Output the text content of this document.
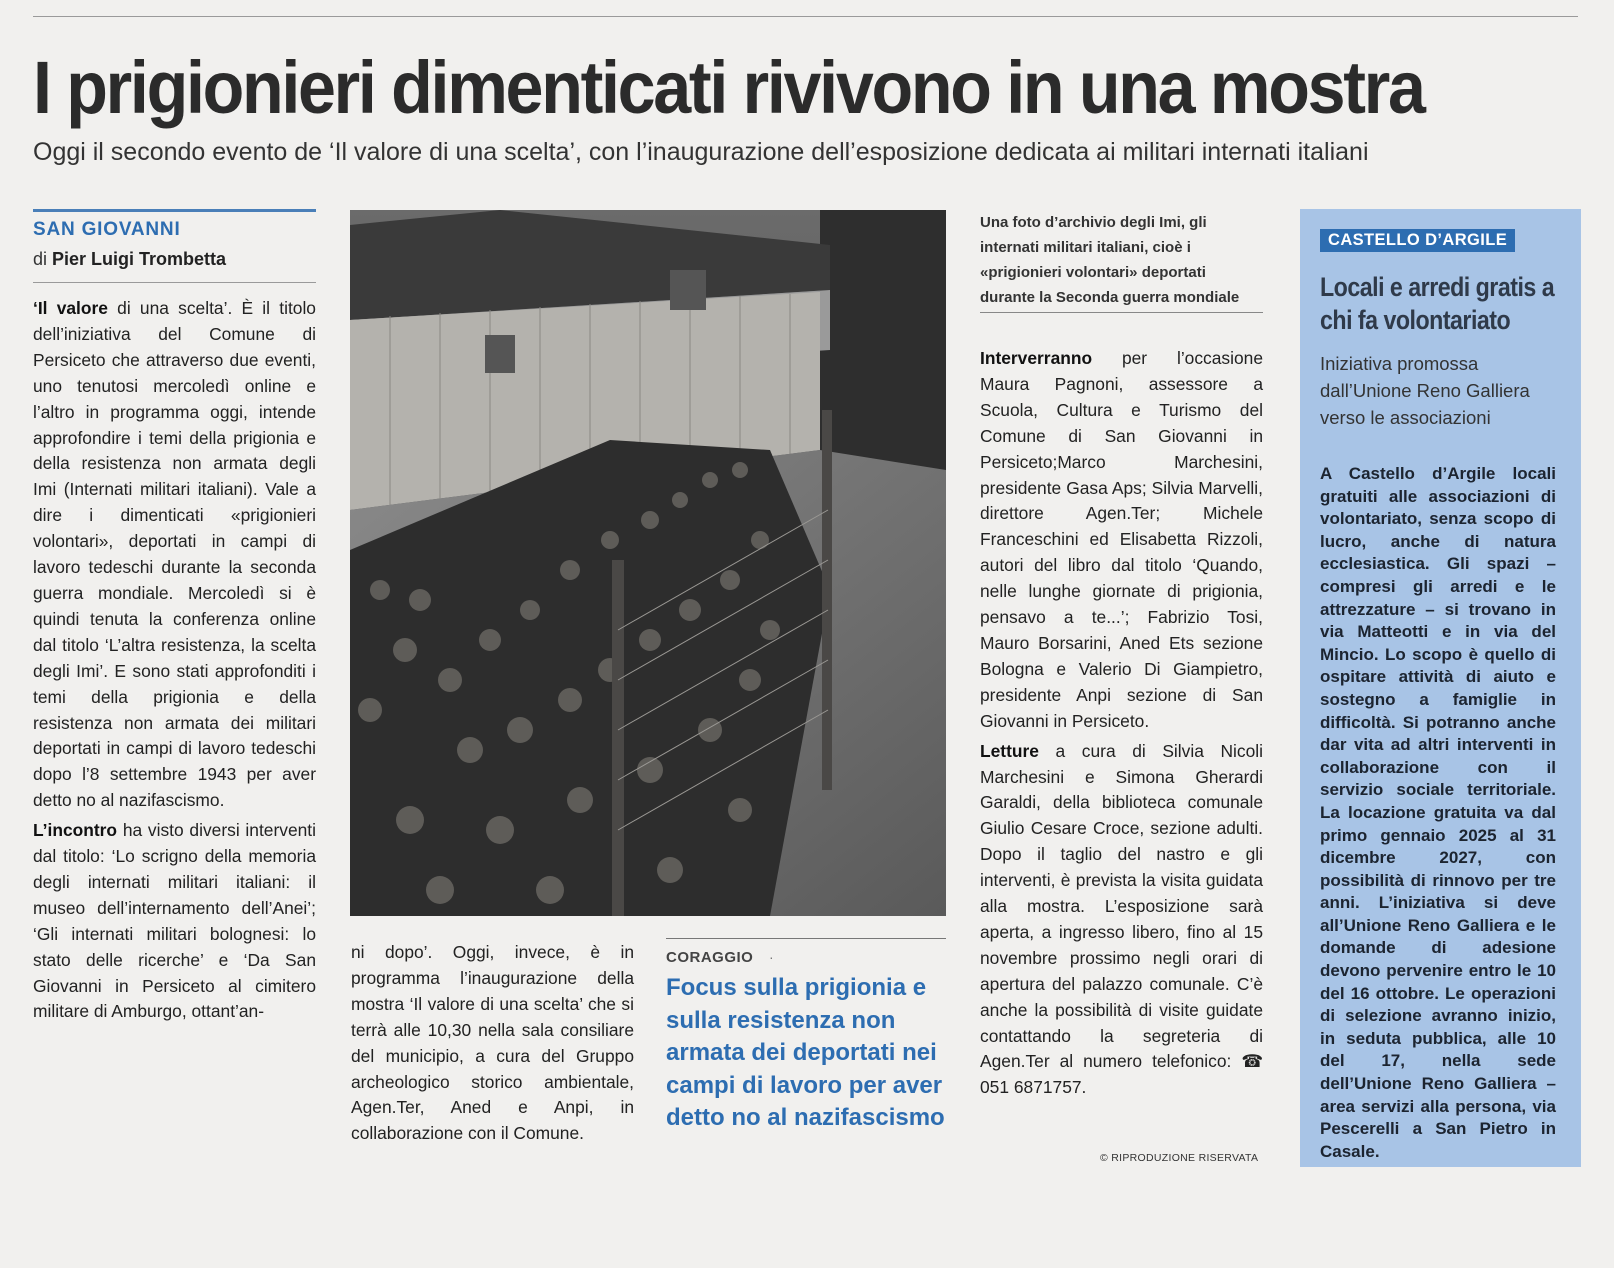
I prigionieri dimenticati rivivono in una mostra
Oggi il secondo evento de ‘Il valore di una scelta’, con l’inaugurazione dell’esposizione dedicata ai militari internati italiani
SAN GIOVANNI
di Pier Luigi Trombetta

‘Il valore di una scelta’. È il titolo dell’iniziativa del Comune di Persiceto che attraverso due eventi, uno tenutosi mercoledì online e l’altro in programma oggi, intende approfondire i temi della prigionia e della resistenza non armata degli Imi (Internati militari italiani). Vale a dire i dimenticati «prigionieri volontari», deportati in campi di lavoro tedeschi durante la seconda guerra mondiale. Mercoledì si è quindi tenuta la conferenza online dal titolo ‘L’altra resistenza, la scelta degli Imi’. E sono stati approfonditi i temi della prigionia e della resistenza non armata dei militari deportati in campi di lavoro tedeschi dopo l’8 settembre 1943 per aver detto no al nazifascismo.

L’incontro ha visto diversi interventi dal titolo: ‘Lo scrigno della memoria degli internati militari italiani: il museo dell’internamento dell’Anei’; ‘Gli internati militari bolognesi: lo stato delle ricerche’ e ‘Da San Giovanni in Persiceto al cimitero militare di Amburgo, ottant’an-

ni dopo’. Oggi, invece, è in programma l’inaugurazione della mostra ‘Il valore di una scelta’ che si terrà alle 10,30 nella sala consiliare del municipio, a cura del Gruppo archeologico storico ambientale, Agen.Ter, Aned e Anpi, in collaborazione con il Comune.

Una foto d’archivio degli Imi, gli internati militari italiani, cioè i «prigionieri volontari» deportati durante la Seconda guerra mondiale

Interverranno per l’occasione Maura Pagnoni, assessore a Scuola, Cultura e Turismo del Comune di San Giovanni in Persiceto;Marco Marchesini, presidente Gasa Aps; Silvia Marvelli, direttore Agen.Ter; Michele Franceschini ed Elisabetta Rizzoli, autori del libro dal titolo ‘Quando, nelle lunghe giornate di prigionia, pensavo a te...’; Fabrizio Tosi, Mauro Borsarini, Aned Ets sezione Bologna e Valerio Di Giampietro, presidente Anpi sezione di San Giovanni in Persiceto.

Letture a cura di Silvia Nicoli Marchesini e Simona Gherardi Garaldi, della biblioteca comunale Giulio Cesare Croce, sezione adulti. Dopo il taglio del nastro e gli interventi, è prevista la visita guidata alla mostra. L’esposizione sarà aperta, a ingresso libero, fino al 15 novembre prossimo negli orari di apertura del palazzo comunale. C’è anche la possibilità di visite guidate contattando la segreteria di Agen.Ter al numero telefonico: ☎ 051 6871757.

CORAGGIO ·
Focus sulla prigionia e sulla resistenza non armata dei deportati nei campi di lavoro per aver detto no al nazifascismo
© RIPRODUZIONE RISERVATA
CASTELLO D’ARGILE
Locali e arredi gratis a chi fa volontariato
Iniziativa promossa dall’Unione Reno Galliera verso le associazioni
A Castello d’Argile locali gratuiti alle associazioni di volontariato, senza scopo di lucro, anche di natura ecclesiastica. Gli spazi – compresi gli arredi e le attrezzature – si trovano in via Matteotti e in via del Mincio. Lo scopo è quello di ospitare attività di aiuto e sostegno a famiglie in difficoltà. Si potranno anche dar vita ad altri interventi in collaborazione con il servizio sociale territoriale. La locazione gratuita va dal primo gennaio 2025 al 31 dicembre 2027, con possibilità di rinnovo per tre anni. L’iniziativa si deve all’Unione Reno Galliera e le domande di adesione devono pervenire entro le 10 del 16 ottobre. Le operazioni di selezione avranno inizio, in seduta pubblica, alle 10 del 17, nella sede dell’Unione Reno Galliera – area servizi alla persona, via Pescerelli a San Pietro in Casale.
